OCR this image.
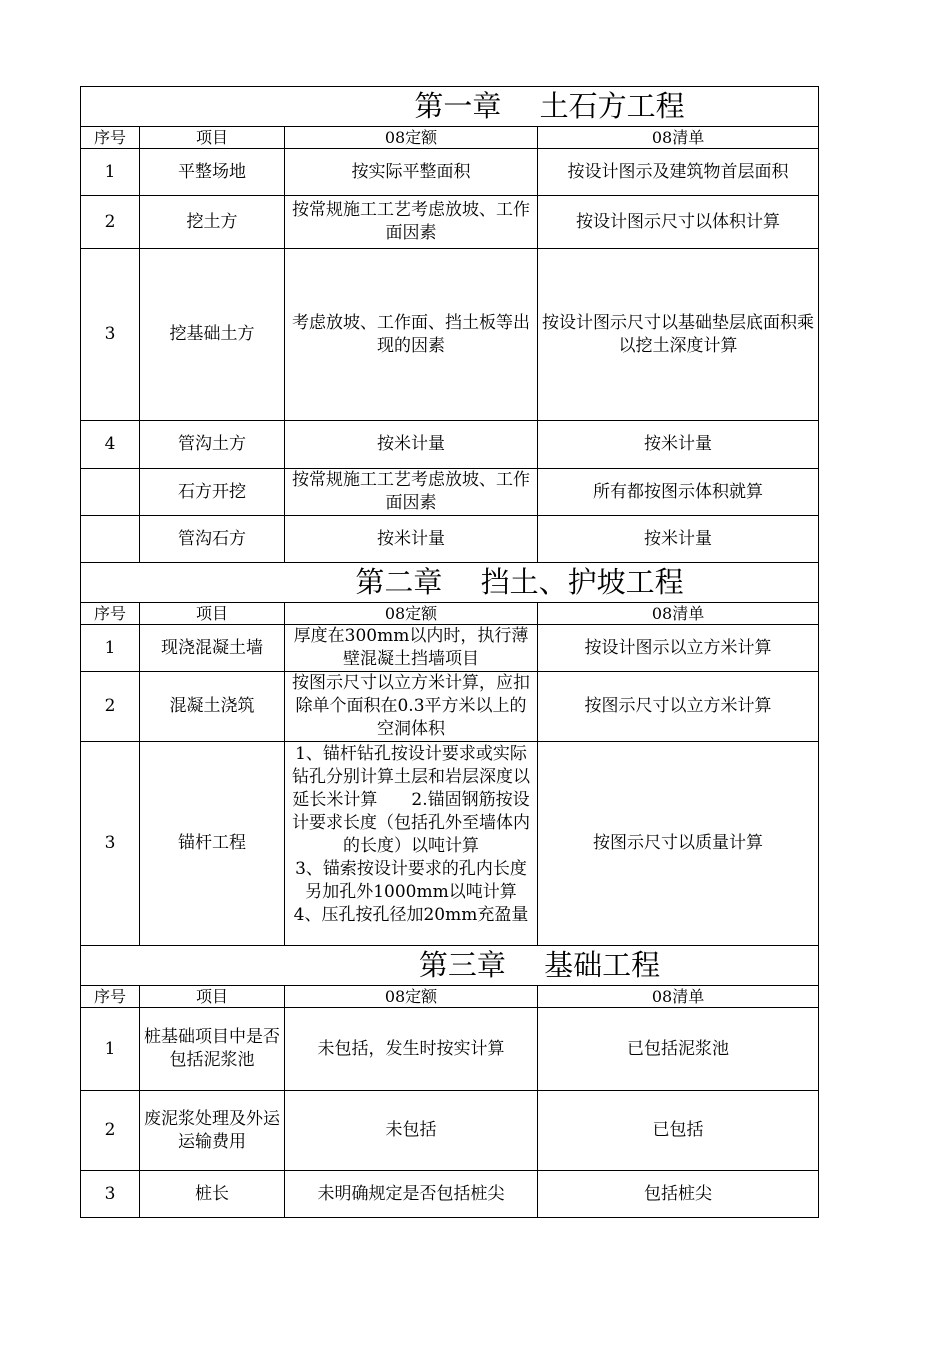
第一章　 土石方工程			
序号	项目	08定额	08清单
1	平整场地	按实际平整面积	按设计图示及建筑物首层面积
2	挖土方	按常规施工工艺考虑放坡、工作面因素	按设计图示尺寸以体积计算
3	挖基础土方	考虑放坡、工作面、挡土板等出现的因素	按设计图示尺寸以基础垫层底面积乘以挖土深度计算
4	管沟土方	按米计量	按米计量
	石方开挖	按常规施工工艺考虑放坡、工作面因素	所有都按图示体积就算
	管沟石方	按米计量	按米计量
第二章　 挡土、护坡工程			
序号	项目	08定额	08清单
1	现浇混凝土墙	厚度在300mm以内时，执行薄壁混凝土挡墙项目	按设计图示以立方米计算
2	混凝土浇筑	按图示尺寸以立方米计算，应扣除单个面积在0.3平方米以上的空洞体积	按图示尺寸以立方米计算
3	锚杆工程	1、锚杆钻孔按设计要求或实际钻孔分别计算土层和岩层深度以延长米计算　　2.锚固钢筋按设计要求长度（包括孔外至墙体内的长度）以吨计算　　　　　　3、锚索按设计要求的孔内长度另加孔外1000mm以吨计算　　4、压孔按孔径加20mm充盈量	按图示尺寸以质量计算
第三章　 基础工程			
序号	项目	08定额	08清单
1	桩基础项目中是否包括泥浆池	未包括，发生时按实计算	已包括泥浆池
2	废泥浆处理及外运运输费用	未包括	已包括
3	桩长	未明确规定是否包括桩尖	包括桩尖
